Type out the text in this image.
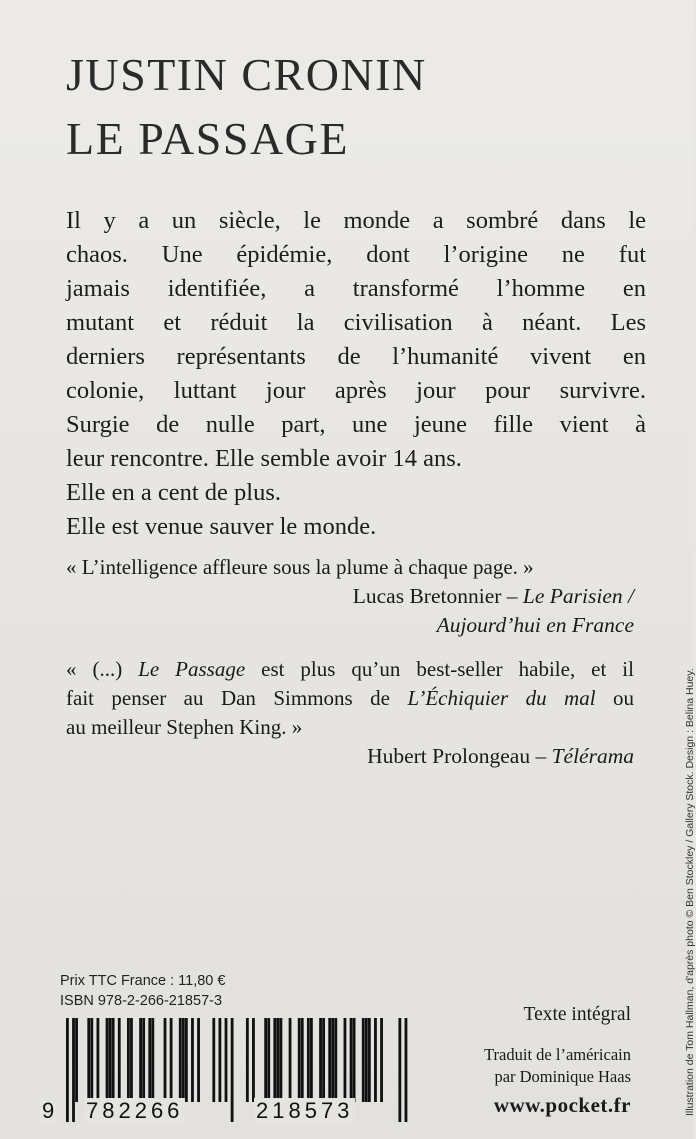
JUSTIN CRONIN
LE PASSAGE
Il y a un siècle, le monde a sombré dans le
chaos. Une épidémie, dont l’origine ne fut
jamais identifiée, a transformé l’homme en
mutant et réduit la civilisation à néant. Les
derniers représentants de l’humanité vivent en
colonie, luttant jour après jour pour survivre.
Surgie de nulle part, une jeune fille vient à
leur rencontre. Elle semble avoir 14 ans.
Elle en a cent de plus.
Elle est venue sauver le monde.
« L’intelligence affleure sous la plume à chaque page. »
Lucas Bretonnier – Le Parisien /
Aujourd’hui en France
« (...) Le Passage est plus qu’un best-seller habile, et il
fait penser au Dan Simmons de L’Échiquier du mal ou
au meilleur Stephen King. »
Hubert Prolongeau – Télérama	Illustration de Tom Hallman, d'après photo © Ben Stockley / Gallery Stock. Design : Belina Huey.
Prix TTC France : 11,80 €
ISBN 978-2-266-21857-3
9 782266	218573
Texte intégral
Traduit de l’américain
par Dominique Haas
www.pocket.fr
